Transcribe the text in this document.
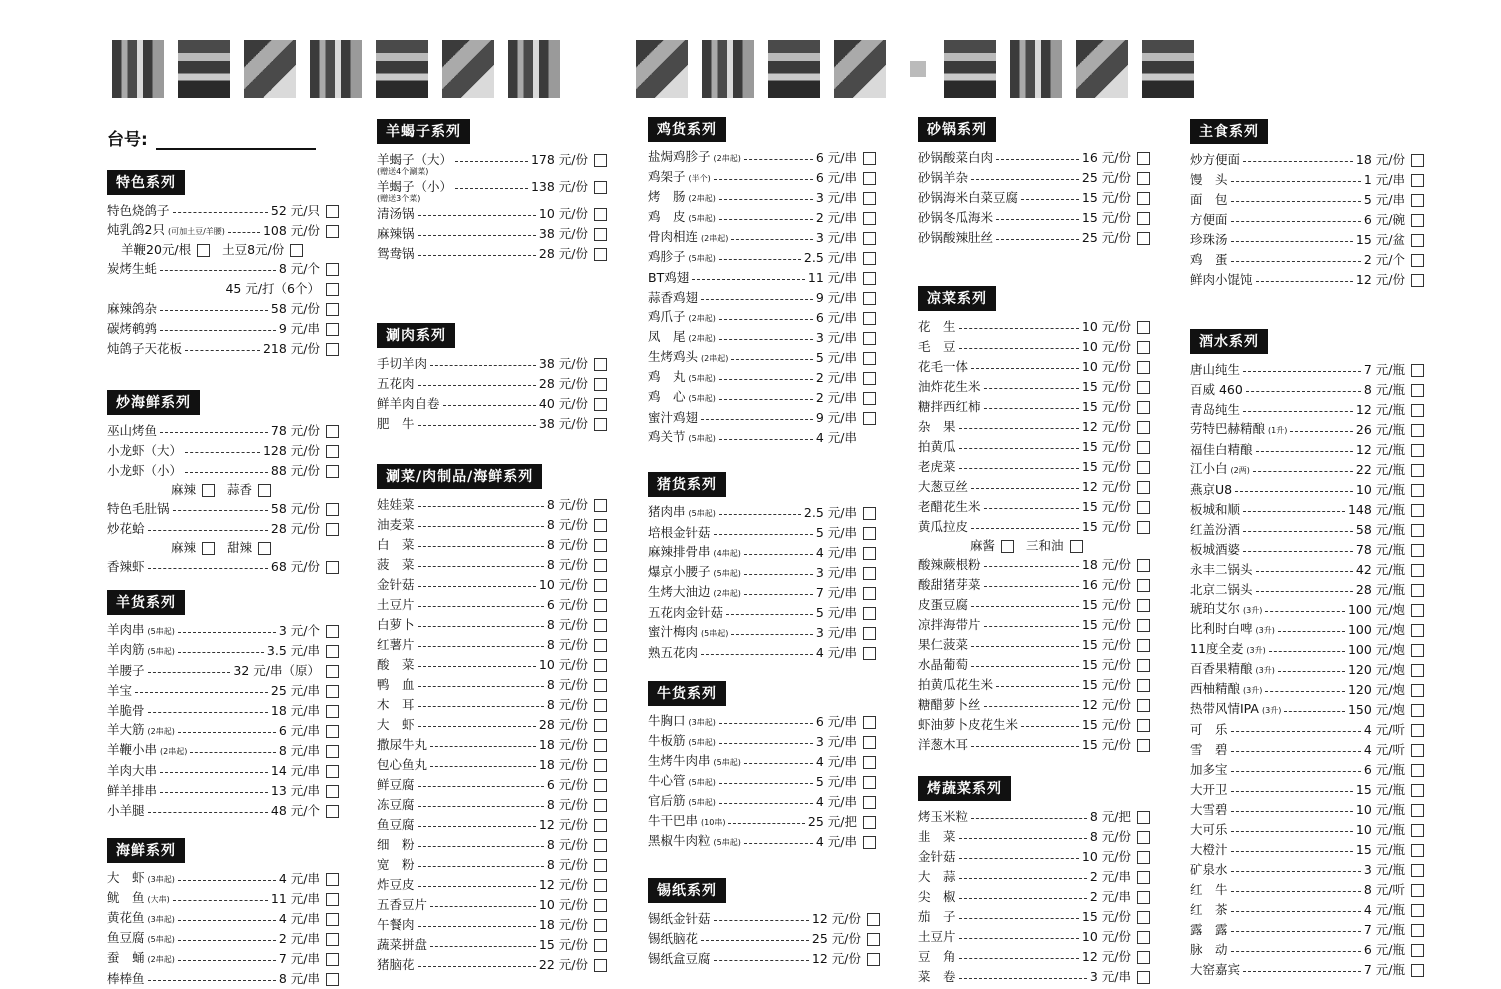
台号:
特色系列
特色烧鸽子	52 元/只
炖乳鸽2只 (可加土豆/羊腰)	108 元/份
羊鞭20元/根 土豆8元/份
炭烤生蚝	8 元/个
45 元/打（6个）
麻辣鸽杂	58 元/份
碳烤鹌鹑	9 元/串
炖鸽子天花板	218 元/份
炒海鲜系列
巫山烤鱼	78 元/份
小龙虾（大）	128 元/份
小龙虾（小）	88 元/份
麻辣 蒜香
特色毛肚锅	58 元/份
炒花蛤	28 元/份
麻辣 甜辣
香辣虾	68 元/份
羊货系列
羊肉串 (5串起)	3 元/个
羊肉筋 (5串起)	3.5 元/串
羊腰子	32 元/串（原）
羊宝	25 元/串
羊脆骨	18 元/串
羊大筋 (2串起)	6 元/串
羊鞭小串 (2串起)	8 元/串
羊肉大串	14 元/串
鲜羊排串	13 元/串
小羊腿	48 元/个
海鲜系列
大　虾 (3串起)	4 元/串
鱿　鱼 (大串)	11 元/串
黄花鱼 (3串起)	4 元/串
鱼豆腐 (5串起)	2 元/串
蚕　蛹 (2串起)	7 元/串
棒棒鱼	8 元/串
羊蝎子系列
羊蝎子（大）	178 元/份
(赠送4个涮菜)
羊蝎子（小）	138 元/份
(赠送3个菜)
清汤锅	10 元/份
麻辣锅	38 元/份
鸳鸯锅	28 元/份
涮肉系列
手切羊肉	38 元/份
五花肉	28 元/份
鲜羊肉自卷	40 元/份
肥　牛	38 元/份
涮菜/肉制品/海鲜系列
娃娃菜	8 元/份
油麦菜	8 元/份
白　菜	8 元/份
菠　菜	8 元/份
金针菇	10 元/份
土豆片	6 元/份
白萝卜	8 元/份
红薯片	8 元/份
酸　菜	10 元/份
鸭　血	8 元/份
木　耳	8 元/份
大　虾	28 元/份
撒尿牛丸	18 元/份
包心鱼丸	18 元/份
鲜豆腐	6 元/份
冻豆腐	8 元/份
鱼豆腐	12 元/份
细　粉	8 元/份
宽　粉	8 元/份
炸豆皮	12 元/份
五香豆片	10 元/份
午餐肉	18 元/份
蔬菜拼盘	15 元/份
猪脑花	22 元/份
鸡货系列
盐焗鸡胗子 (2串起)	6 元/串
鸡架子 (半个)	6 元/串
烤　肠 (2串起)	3 元/串
鸡　皮 (5串起)	2 元/串
骨肉相连 (2串起)	3 元/串
鸡胗子 (5串起)	2.5 元/串
BT鸡翅	11 元/串
蒜香鸡翅	9 元/串
鸡爪子 (2串起)	6 元/串
凤　尾 (2串起)	3 元/串
生烤鸡头 (2串起)	5 元/串
鸡　丸 (5串起)	2 元/串
鸡　心 (5串起)	2 元/串
蜜汁鸡翅	9 元/串
鸡关节 (5串起)	4 元/串
猪货系列
猪肉串 (5串起)	2.5 元/串
培根金针菇	5 元/串
麻辣排骨串 (4串起)	4 元/串
爆京小腰子 (5串起)	3 元/串
生烤大油边 (2串起)	7 元/串
五花肉金针菇	5 元/串
蜜汁梅肉 (5串起)	3 元/串
熟五花肉	4 元/串
牛货系列
牛胸口 (3串起)	6 元/串
牛板筋 (5串起)	3 元/串
生烤牛肉串 (5串起)	4 元/串
牛心管 (5串起)	5 元/串
官后筋 (5串起)	4 元/串
牛干巴串 (10串)	25 元/把
黑椒牛肉粒 (5串起)	4 元/串
锡纸系列
锡纸金针菇	12 元/份
锡纸脑花	25 元/份
锡纸盒豆腐	12 元/份
砂锅系列
砂锅酸菜白肉	16 元/份
砂锅羊杂	25 元/份
砂锅海米白菜豆腐	15 元/份
砂锅冬瓜海米	15 元/份
砂锅酸辣肚丝	25 元/份
凉菜系列
花　生	10 元/份
毛　豆	10 元/份
花毛一体	10 元/份
油炸花生米	15 元/份
糖拌西红柿	15 元/份
杂　果	12 元/份
拍黄瓜	15 元/份
老虎菜	15 元/份
大葱豆丝	12 元/份
老醋花生米	15 元/份
黄瓜拉皮	15 元/份
麻酱 三和油
酸辣蕨根粉	18 元/份
酸甜猪芽菜	16 元/份
皮蛋豆腐	15 元/份
凉拌海带片	15 元/份
果仁菠菜	15 元/份
水晶葡萄	15 元/份
拍黄瓜花生米	15 元/份
糖醋萝卜丝	12 元/份
虾油萝卜皮花生米	15 元/份
洋葱木耳	15 元/份
烤蔬菜系列
烤玉米粒	8 元/把
韭　菜	8 元/份
金针菇	10 元/份
大　蒜	2 元/串
尖　椒	2 元/串
茄　子	15 元/份
土豆片	10 元/份
豆　角	12 元/份
菜　卷	3 元/串
主食系列
炒方便面	18 元/份
馒　头	1 元/串
面　包	5 元/串
方便面	6 元/碗
珍珠汤	15 元/盆
鸡　蛋	2 元/个
鲜肉小馄饨	12 元/份
酒水系列
唐山纯生	7 元/瓶
百威 460	8 元/瓶
青岛纯生	12 元/瓶
劳特巴赫精酿 (1升)	26 元/瓶
福佳白精酿	12 元/瓶
江小白 (2两)	22 元/瓶
燕京U8	10 元/瓶
板城和顺	148 元/瓶
红盖汾酒	58 元/瓶
板城酒婆	78 元/瓶
永丰二锅头	42 元/瓶
北京二锅头	28 元/瓶
琥珀艾尔 (3升)	100 元/炮
比利时白啤 (3升)	100 元/炮
11度全麦 (3升)	100 元/炮
百香果精酿 (3升)	120 元/炮
西柚精酿 (3升)	120 元/炮
热带风情IPA (3升)	150 元/炮
可　乐	4 元/听
雪　碧	4 元/听
加多宝	6 元/瓶
大开卫	15 元/瓶
大雪碧	10 元/瓶
大可乐	10 元/瓶
大橙汁	15 元/瓶
矿泉水	3 元/瓶
红　牛	8 元/听
红　茶	4 元/瓶
露　露	7 元/瓶
脉　动	6 元/瓶
大窑嘉宾	7 元/瓶
